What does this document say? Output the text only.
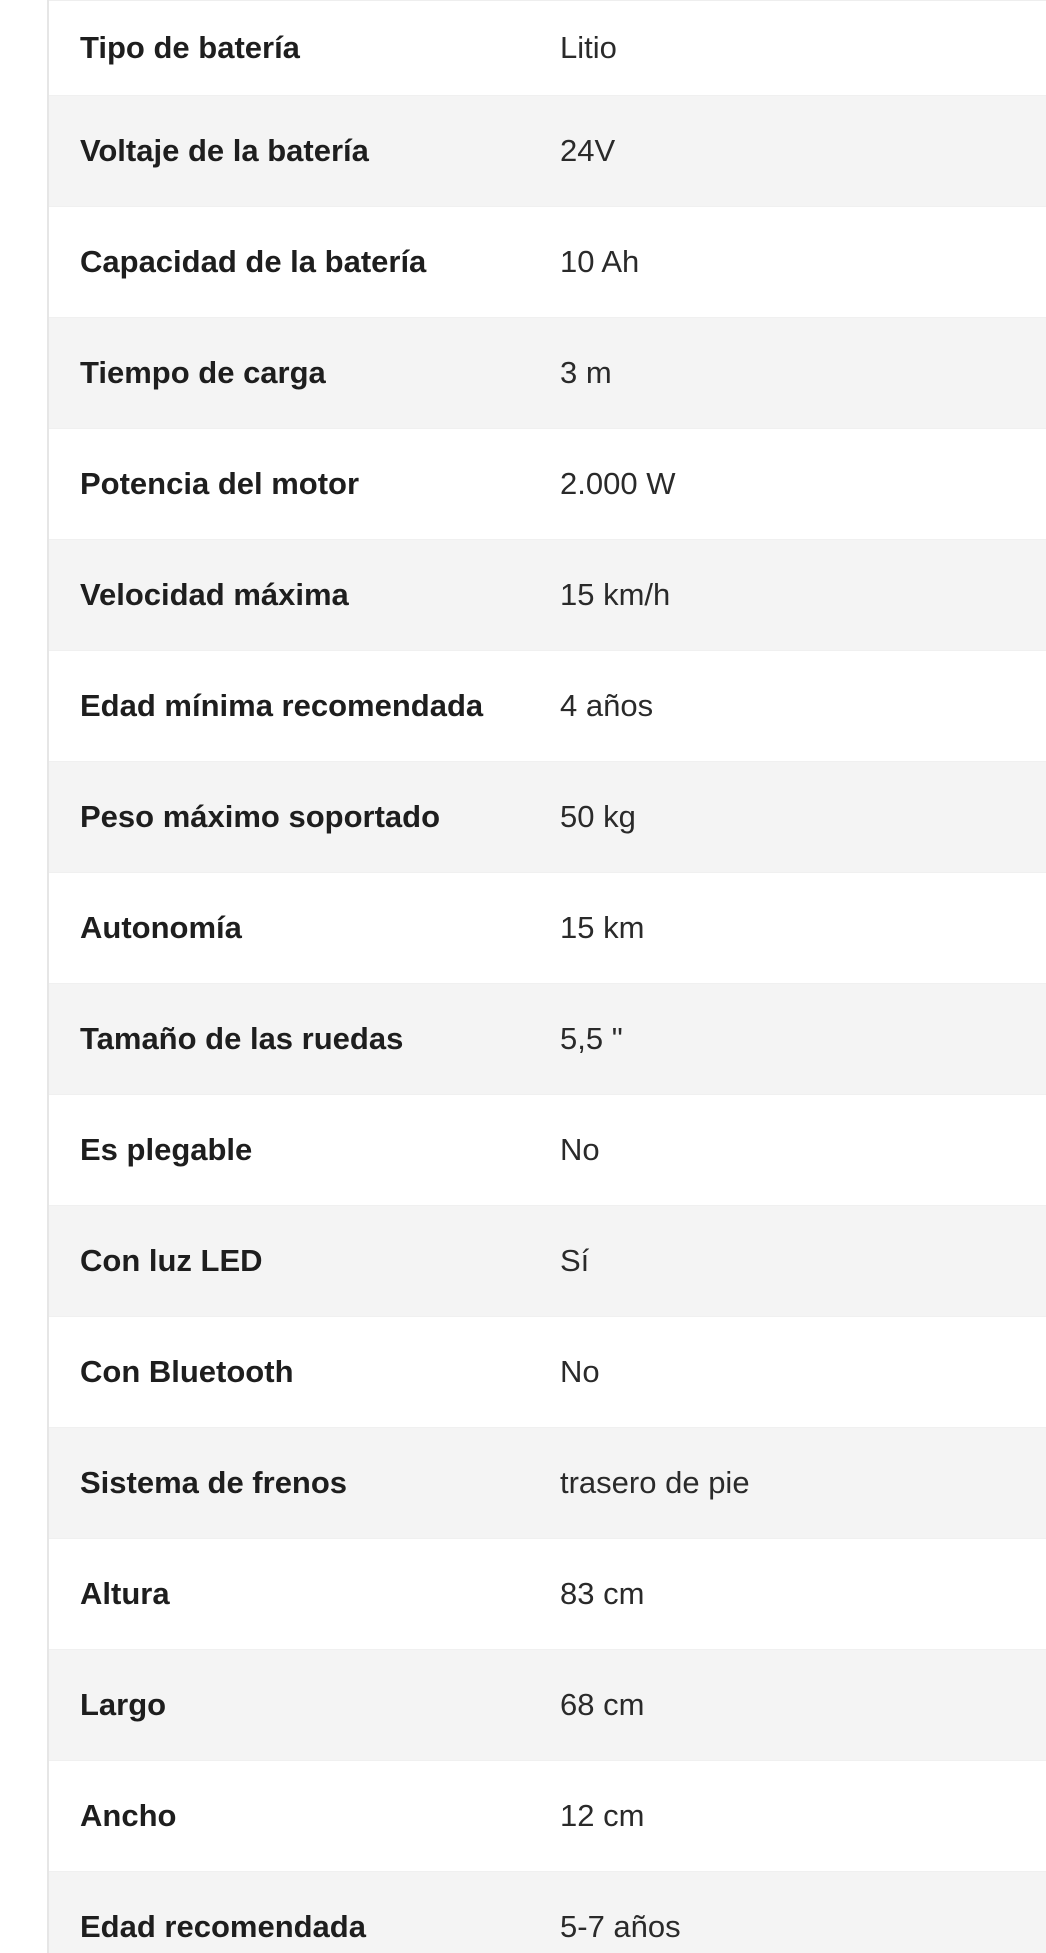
Tipo de batería	Litio
Voltaje de la batería	24V
Capacidad de la batería	10 Ah
Tiempo de carga	3 m
Potencia del motor	2.000 W
Velocidad máxima	15 km/h
Edad mínima recomendada	4 años
Peso máximo soportado	50 kg
Autonomía	15 km
Tamaño de las ruedas	5,5 "
Es plegable	No
Con luz LED	Sí
Con Bluetooth	No
Sistema de frenos	trasero de pie
Altura	83 cm
Largo	68 cm
Ancho	12 cm
Edad recomendada	5-7 años
